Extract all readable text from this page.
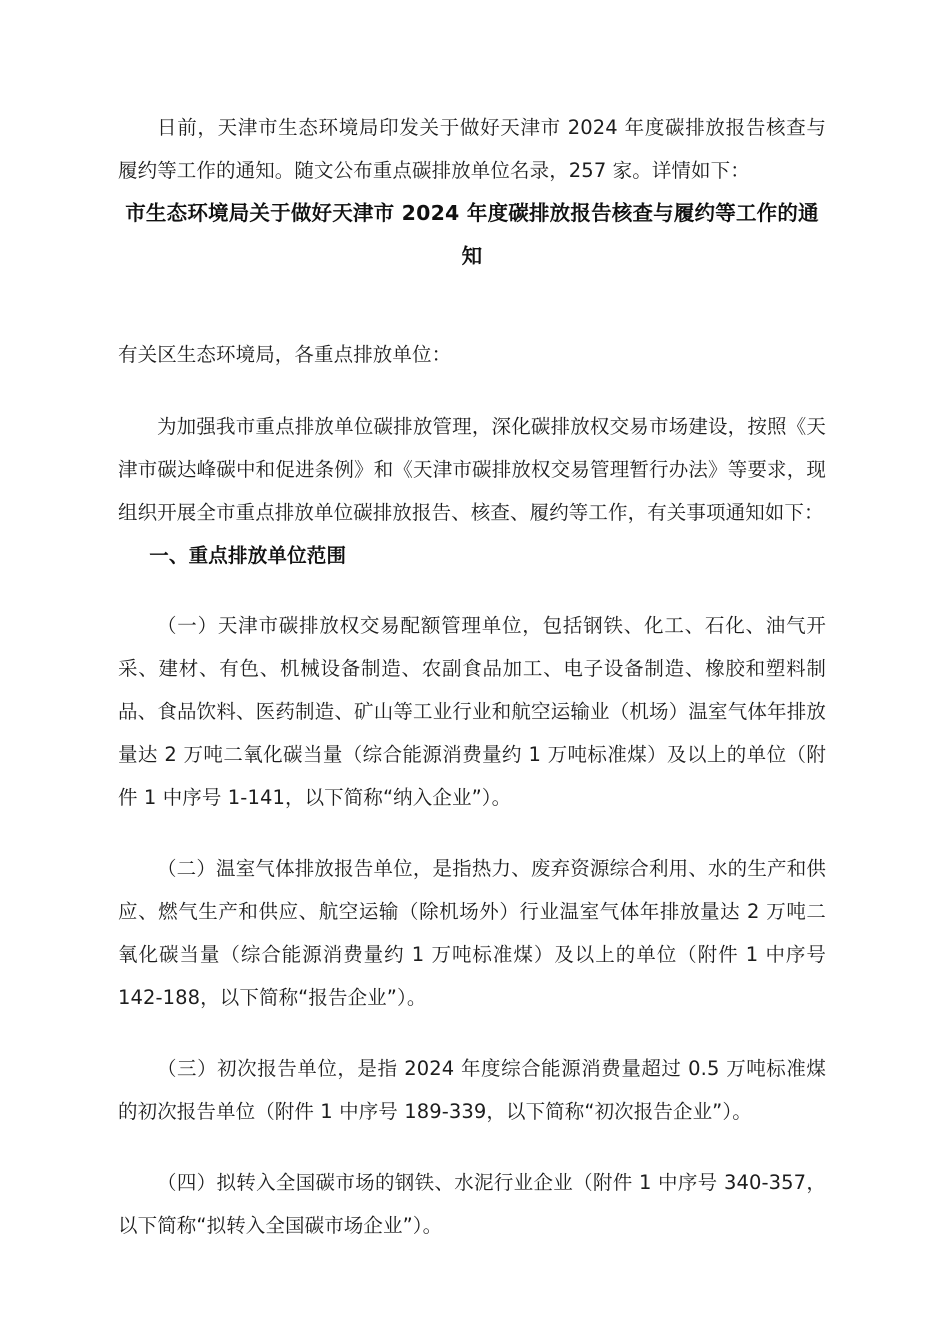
日前，天津市生态环境局印发关于做好天津市 2024 年度碳排放报告核查与履约等工作的通知。随文公布重点碳排放单位名录，257 家。详情如下：

市生态环境局关于做好天津市 2024 年度碳排放报告核查与履约等工作的通知

有关区生态环境局，各重点排放单位：

为加强我市重点排放单位碳排放管理，深化碳排放权交易市场建设，按照《天津市碳达峰碳中和促进条例》和《天津市碳排放权交易管理暂行办法》等要求，现组织开展全市重点排放单位碳排放报告、核查、履约等工作，有关事项通知如下：

一、重点排放单位范围

（一）天津市碳排放权交易配额管理单位，包括钢铁、化工、石化、油气开采、建材、有色、机械设备制造、农副食品加工、电子设备制造、橡胶和塑料制品、食品饮料、医药制造、矿山等工业行业和航空运输业（机场）温室气体年排放量达 2 万吨二氧化碳当量（综合能源消费量约 1 万吨标准煤）及以上的单位（附件 1 中序号 1-141，以下简称“纳入企业”）。

（二）温室气体排放报告单位，是指热力、废弃资源综合利用、水的生产和供应、燃气生产和供应、航空运输（除机场外）行业温室气体年排放量达 2 万吨二氧化碳当量（综合能源消费量约 1 万吨标准煤）及以上的单位（附件 1 中序号 142-188，以下简称“报告企业”）。

（三）初次报告单位，是指 2024 年度综合能源消费量超过 0.5 万吨标准煤的初次报告单位（附件 1 中序号 189-339，以下简称“初次报告企业”）。

（四）拟转入全国碳市场的钢铁、水泥行业企业（附件 1 中序号 340-357，以下简称“拟转入全国碳市场企业”）。
